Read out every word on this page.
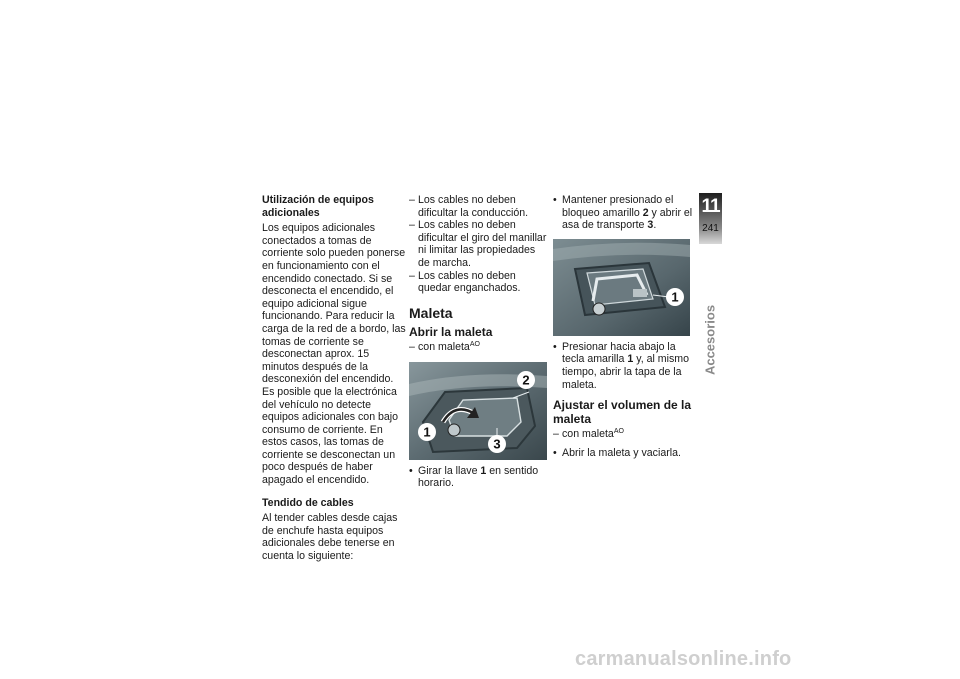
Utilización de equipos adicionales

Los equipos adicionales conectados a tomas de corriente solo pueden ponerse en funcionamiento con el encendido conectado. Si se desconecta el encendido, el equipo adicional sigue funcionando. Para reducir la carga de la red de a bordo, las tomas de corriente se desconectan aprox. 15 minutos después de la desconexión del encendido. Es posible que la electrónica del vehículo no detecte equipos adicionales con bajo consumo de corriente. En estos casos, las tomas de corriente se desconectan un poco después de haber apagado el encendido.

Tendido de cables

Al tender cables desde cajas de enchufe hasta equipos adicionales debe tenerse en cuenta lo siguiente:

– Los cables no deben dificultar la conducción.

– Los cables no deben dificultar el giro del manillar ni limitar las propiedades de marcha.

– Los cables no deben quedar enganchados.

Maleta
Abrir la maleta

– con maleta$^{AO}$

1
2
3

• Girar la llave 1 en sentido horario.

• Mantener presionado el bloqueo amarillo 2 y abrir el asa de transporte 3.

1

• Presionar hacia abajo la tecla amarilla 1 y, al mismo tiempo, abrir la tapa de la maleta.

Ajustar el volumen de la maleta

– con maleta$^{AO}$

• Abrir la maleta y vaciarla.

11
241
Accesorios
carmanualsonline.info
